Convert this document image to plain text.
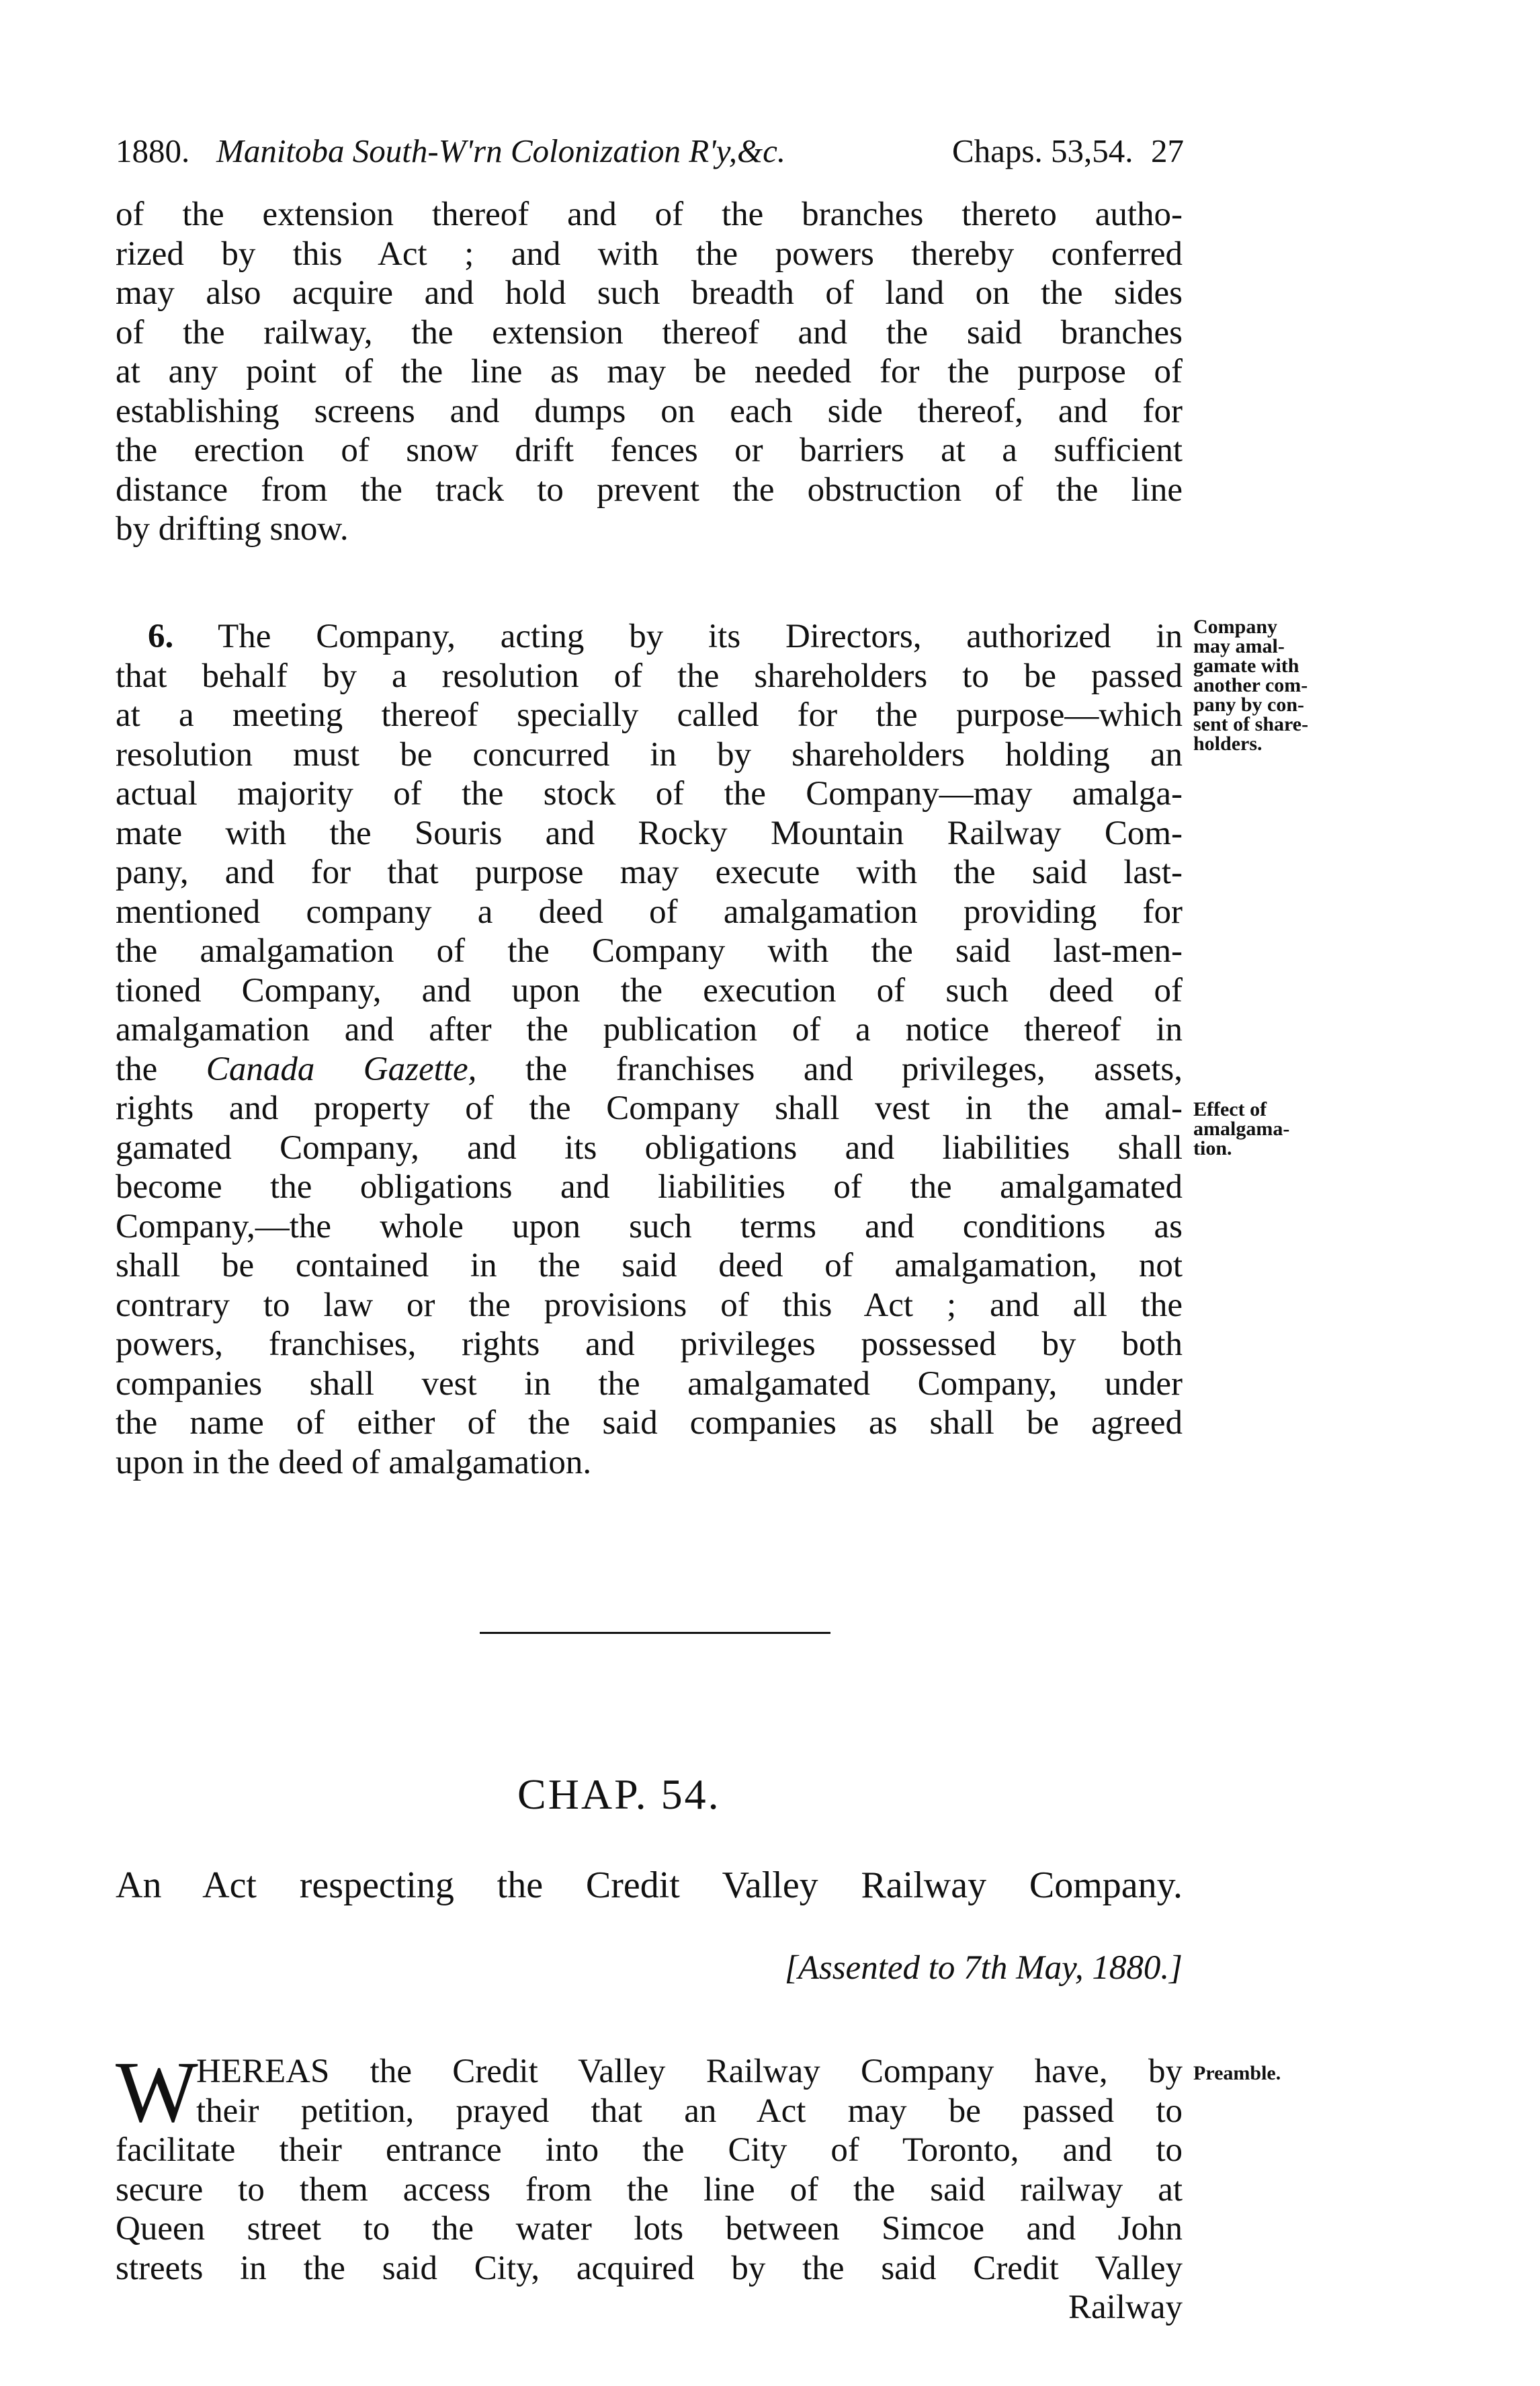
1880. Manitoba South-W'rn Colonization R'y,&c.	Chaps. 53,54. 27
of the extension thereof and of the branches thereto autho-
rized by this Act ; and with the powers thereby conferred
may also acquire and hold such breadth of land on the sides
of the railway, the extension thereof and the said branches
at any point of the line as may be needed for the purpose of
establishing screens and dumps on each side thereof, and for
the erection of snow drift fences or barriers at a sufficient
distance from the track to prevent the obstruction of the line
by drifting snow.
6. The Company, acting by its Directors, authorized in
that behalf by a resolution of the shareholders to be passed
at a meeting thereof specially called for the purpose—which
resolution must be concurred in by shareholders holding an
actual majority of the stock of the Company—may amalga-
mate with the Souris and Rocky Mountain Railway Com-
pany, and for that purpose may execute with the said last-
mentioned company a deed of amalgamation providing for
the amalgamation of the Company with the said last-men-
tioned Company, and upon the execution of such deed of
amalgamation and after the publication of a notice thereof in
the Canada Gazette, the franchises and privileges, assets,
rights and property of the Company shall vest in the amal-
gamated Company, and its obligations and liabilities shall
become the obligations and liabilities of the amalgamated
Company,—the whole upon such terms and conditions as
shall be contained in the said deed of amalgamation, not
contrary to law or the provisions of this Act ; and all the
powers, franchises, rights and privileges possessed by both
companies shall vest in the amalgamated Company, under
the name of either of the said companies as shall be agreed
upon in the deed of amalgamation.
Company
may amal-
gamate with
another com-
pany by con-
sent of share-
holders.
Effect of
amalgama-
tion.
CHAP. 54.
An Act respecting the Credit Valley Railway Company.
[Assented to 7th May, 1880.]
W
HEREAS the Credit Valley Railway Company have, by
their petition, prayed that an Act may be passed to
facilitate their entrance into the City of Toronto, and to
secure to them access from the line of the said railway at
Queen street to the water lots between Simcoe and John
streets in the said City, acquired by the said Credit Valley
Railway
Preamble.
